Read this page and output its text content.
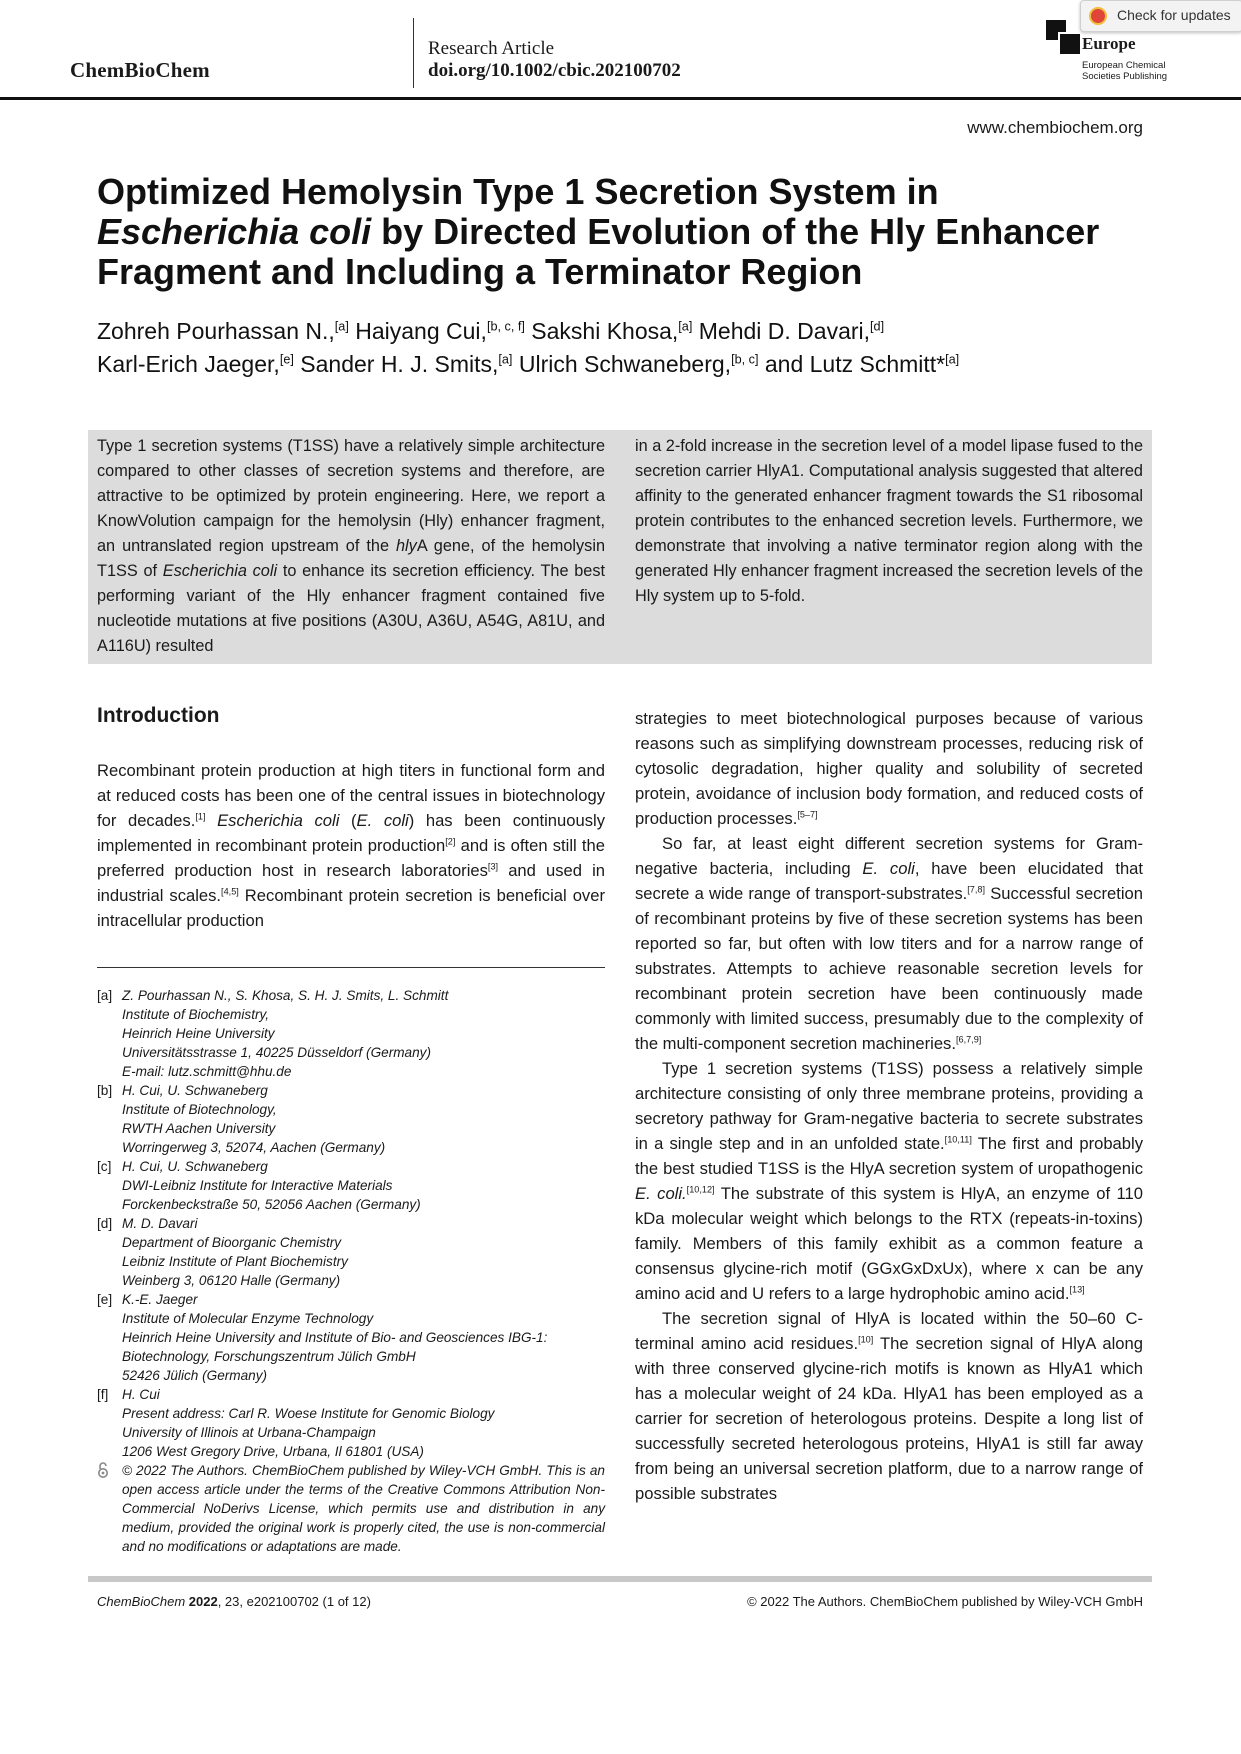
ChemBioChem
Research Article
doi.org/10.1002/cbic.202100702
Europe
European Chemical
Societies Publishing
Check for updates
www.chembiochem.org
Optimized Hemolysin Type 1 Secretion System in
Escherichia coli by Directed Evolution of the Hly Enhancer
Fragment and Including a Terminator Region
Zohreh Pourhassan N.,[a] Haiyang Cui,[b, c, f] Sakshi Khosa,[a] Mehdi D. Davari,[d]
Karl-Erich Jaeger,[e] Sander H. J. Smits,[a] Ulrich Schwaneberg,[b, c] and Lutz Schmitt*[a]
Type 1 secretion systems (T1SS) have a relatively simple architecture compared to other classes of secretion systems and therefore, are attractive to be optimized by protein engineering. Here, we report a KnowVolution campaign for the hemolysin (Hly) enhancer fragment, an untranslated region upstream of the hlyA gene, of the hemolysin T1SS of Escherichia coli to enhance its secretion efficiency. The best performing variant of the Hly enhancer fragment contained five nucleotide mutations at five positions (A30U, A36U, A54G, A81U, and A116U) resulted
in a 2-fold increase in the secretion level of a model lipase fused to the secretion carrier HlyA1. Computational analysis suggested that altered affinity to the generated enhancer fragment towards the S1 ribosomal protein contributes to the enhanced secretion levels. Furthermore, we demonstrate that involving a native terminator region along with the generated Hly enhancer fragment increased the secretion levels of the Hly system up to 5-fold.
Introduction
Recombinant protein production at high titers in functional form and at reduced costs has been one of the central issues in biotechnology for decades.[1] Escherichia coli (E. coli) has been continuously implemented in recombinant protein production[2] and is often still the preferred production host in research laboratories[3] and used in industrial scales.[4,5] Recombinant protein secretion is beneficial over intracellular production

strategies to meet biotechnological purposes because of various reasons such as simplifying downstream processes, reducing risk of cytosolic degradation, higher quality and solubility of secreted protein, avoidance of inclusion body formation, and reduced costs of production processes.[5–7]

So far, at least eight different secretion systems for Gram-negative bacteria, including E. coli, have been elucidated that secrete a wide range of transport-substrates.[7,8] Successful secretion of recombinant proteins by five of these secretion systems has been reported so far, but often with low titers and for a narrow range of substrates. Attempts to achieve reasonable secretion levels for recombinant protein secretion have been continuously made commonly with limited success, presumably due to the complexity of the multi-component secretion machineries.[6,7,9]

Type 1 secretion systems (T1SS) possess a relatively simple architecture consisting of only three membrane proteins, providing a secretory pathway for Gram-negative bacteria to secrete substrates in a single step and in an unfolded state.[10,11] The first and probably the best studied T1SS is the HlyA secretion system of uropathogenic E. coli.[10,12] The substrate of this system is HlyA, an enzyme of 110 kDa molecular weight which belongs to the RTX (repeats-in-toxins) family. Members of this family exhibit as a common feature a consensus glycine-rich motif (GGxGxDxUx), where x can be any amino acid and U refers to a large hydrophobic amino acid.[13]

The secretion signal of HlyA is located within the 50–60 C-terminal amino acid residues.[10] The secretion signal of HlyA along with three conserved glycine-rich motifs is known as HlyA1 which has a molecular weight of 24 kDa. HlyA1 has been employed as a carrier for secretion of heterologous proteins. Despite a long list of successfully secreted heterologous proteins, HlyA1 is still far away from being an universal secretion platform, due to a narrow range of possible substrates

[a] Z. Pourhassan N., S. Khosa, S. H. J. Smits, L. Schmitt
Institute of Biochemistry,
Heinrich Heine University
Universitätsstrasse 1, 40225 Düsseldorf (Germany)
E-mail: lutz.schmitt@hhu.de
[b] H. Cui, U. Schwaneberg
Institute of Biotechnology,
RWTH Aachen University
Worringerweg 3, 52074, Aachen (Germany)
[c] H. Cui, U. Schwaneberg
DWI-Leibniz Institute for Interactive Materials
Forckenbeckstraße 50, 52056 Aachen (Germany)
[d] M. D. Davari
Department of Bioorganic Chemistry
Leibniz Institute of Plant Biochemistry
Weinberg 3, 06120 Halle (Germany)
[e] K.-E. Jaeger
Institute of Molecular Enzyme Technology
Heinrich Heine University and Institute of Bio- and Geosciences IBG-1:
Biotechnology, Forschungszentrum Jülich GmbH
52426 Jülich (Germany)
[f] H. Cui
Present address: Carl R. Woese Institute for Genomic Biology
University of Illinois at Urbana-Champaign
1206 West Gregory Drive, Urbana, Il 61801 (USA)
© 2022 The Authors. ChemBioChem published by Wiley-VCH GmbH. This is an open access article under the terms of the Creative Commons Attribution Non-Commercial NoDerivs License, which permits use and distribution in any medium, provided the original work is properly cited, the use is non-commercial and no modifications or adaptations are made.
ChemBioChem 2022, 23, e202100702 (1 of 12)	© 2022 The Authors. ChemBioChem published by Wiley-VCH GmbH
